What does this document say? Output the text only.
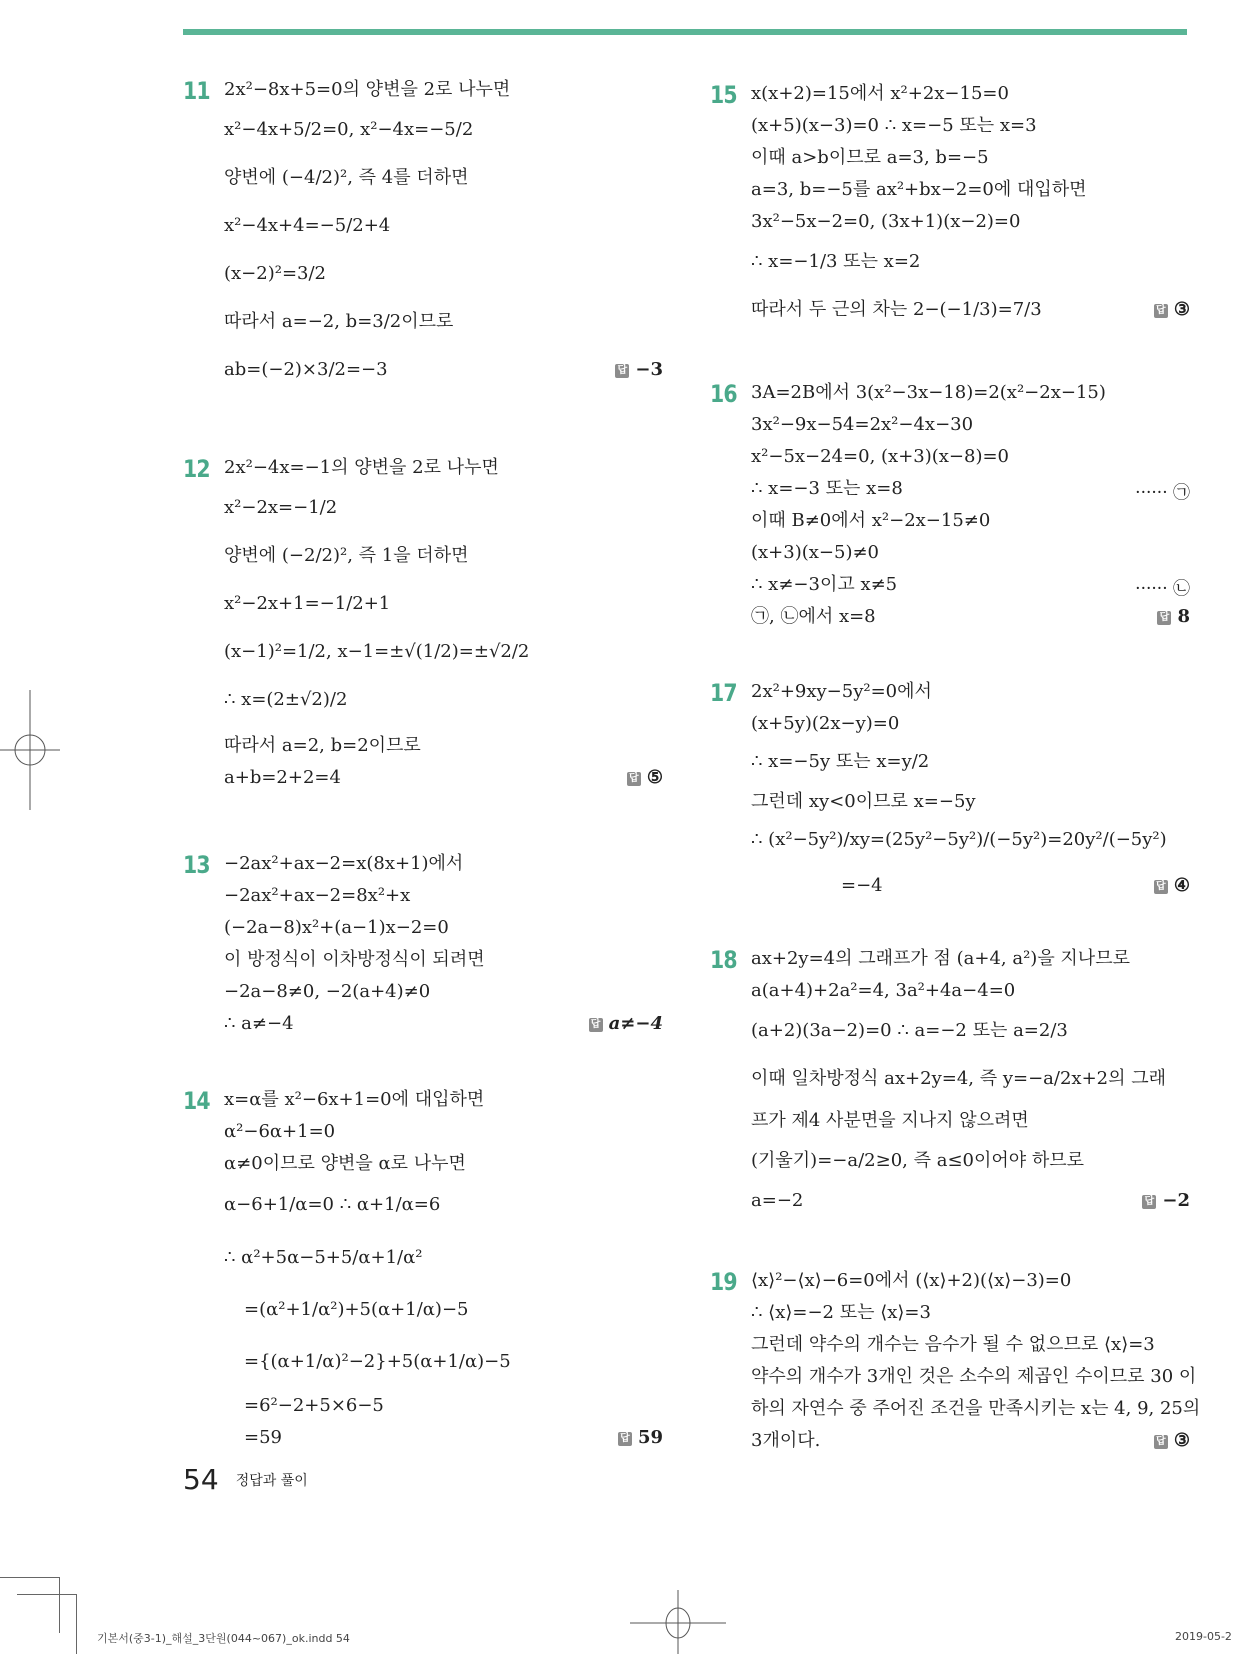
11 2x²−8x+5=0의 양변을 2로 나누면
x²−4x+5/2=0, x²−4x=−5/2
양변에 (−4/2)², 즉 4를 더하면
x²−4x+4=−5/2+4
(x−2)²=3/2
따라서 a=−2, b=3/2이므로
ab=(−2)×3/2=−3	답 −3
12 2x²−4x=−1의 양변을 2로 나누면
x²−2x=−1/2
양변에 (−2/2)², 즉 1을 더하면
x²−2x+1=−1/2+1
(x−1)²=1/2, x−1=±√(1/2)=±√2/2
∴ x=(2±√2)/2
따라서 a=2, b=2이므로
a+b=2+2=4	답 ⑤
13 −2ax²+ax−2=x(8x+1)에서
−2ax²+ax−2=8x²+x
(−2a−8)x²+(a−1)x−2=0
이 방정식이 이차방정식이 되려면
−2a−8≠0, −2(a+4)≠0
∴ a≠−4	답 a≠−4
14 x=α를 x²−6x+1=0에 대입하면
α²−6α+1=0
α≠0이므로 양변을 α로 나누면
α−6+1/α=0 ∴ α+1/α=6
∴ α²+5α−5+5/α+1/α²
=(α²+1/α²)+5(α+1/α)−5
={(α+1/α)²−2}+5(α+1/α)−5
=6²−2+5×6−5
=59	답 59
15 x(x+2)=15에서 x²+2x−15=0
(x+5)(x−3)=0 ∴ x=−5 또는 x=3
이때 a>b이므로 a=3, b=−5
a=3, b=−5를 ax²+bx−2=0에 대입하면
3x²−5x−2=0, (3x+1)(x−2)=0
∴ x=−1/3 또는 x=2
따라서 두 근의 차는 2−(−1/3)=7/3	답 ③
16 3A=2B에서 3(x²−3x−18)=2(x²−2x−15)
3x²−9x−54=2x²−4x−30
x²−5x−24=0, (x+3)(x−8)=0
∴ x=−3 또는 x=8	······ ㉠
이때 B≠0에서 x²−2x−15≠0
(x+3)(x−5)≠0
∴ x≠−3이고 x≠5	······ ㉡
㉠, ㉡에서 x=8	답 8
17 2x²+9xy−5y²=0에서
(x+5y)(2x−y)=0
∴ x=−5y 또는 x=y/2
그런데 xy<0이므로 x=−5y
∴ (x²−5y²)/xy=(25y²−5y²)/(−5y²)=20y²/(−5y²)
=−4	답 ④
18 ax+2y=4의 그래프가 점 (a+4, a²)을 지나므로
a(a+4)+2a²=4, 3a²+4a−4=0
(a+2)(3a−2)=0 ∴ a=−2 또는 a=2/3
이때 일차방정식 ax+2y=4, 즉 y=−a/2x+2의 그래
프가 제4 사분면을 지나지 않으려면
(기울기)=−a/2≥0, 즉 a≤0이어야 하므로
a=−2	답 −2
19 ⟨x⟩²−⟨x⟩−6=0에서 (⟨x⟩+2)(⟨x⟩−3)=0
∴ ⟨x⟩=−2 또는 ⟨x⟩=3
그런데 약수의 개수는 음수가 될 수 없으므로 ⟨x⟩=3
약수의 개수가 3개인 것은 소수의 제곱인 수이므로 30 이
하의 자연수 중 주어진 조건을 만족시키는 x는 4, 9, 25의
3개이다.	답 ③
54 정답과 풀이
기본서(중3-1)_해설_3단원(044~067)_ok.indd 54	2019-05-2
